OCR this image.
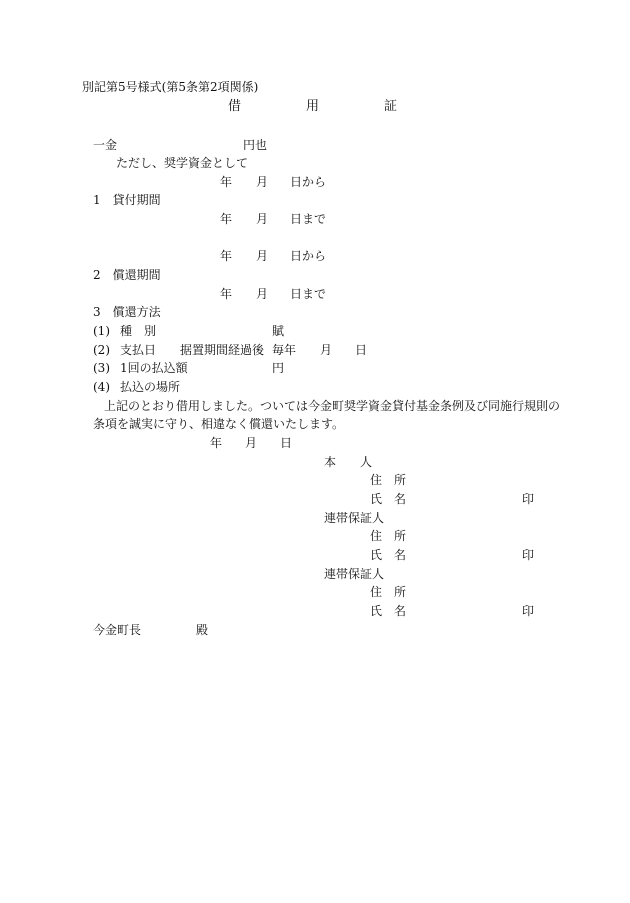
別記第5号様式(第5条第2項関係)
借	用	証
一金	円也
ただし、奨学資金として
年 月 日から
1　貸付期間
年 月 日まで
年 月 日から
2　償還期間
年 月 日まで
3　償還方法
(1) 種　別	賦
(2) 支払日 据置期間経過後 毎年 月 日
(3) 1回の払込額	円
(4) 払込の場所
上記のとおり借用しました。ついては今金町奨学資金貸付基金条例及び同施行規則の
条項を誠実に守り、相違なく償還いたします。
年 月 日
本　　人
住　所
氏　名	印
連帯保証人
住　所
氏　名	印
連帯保証人
住　所
氏　名	印
今金町長	殿
